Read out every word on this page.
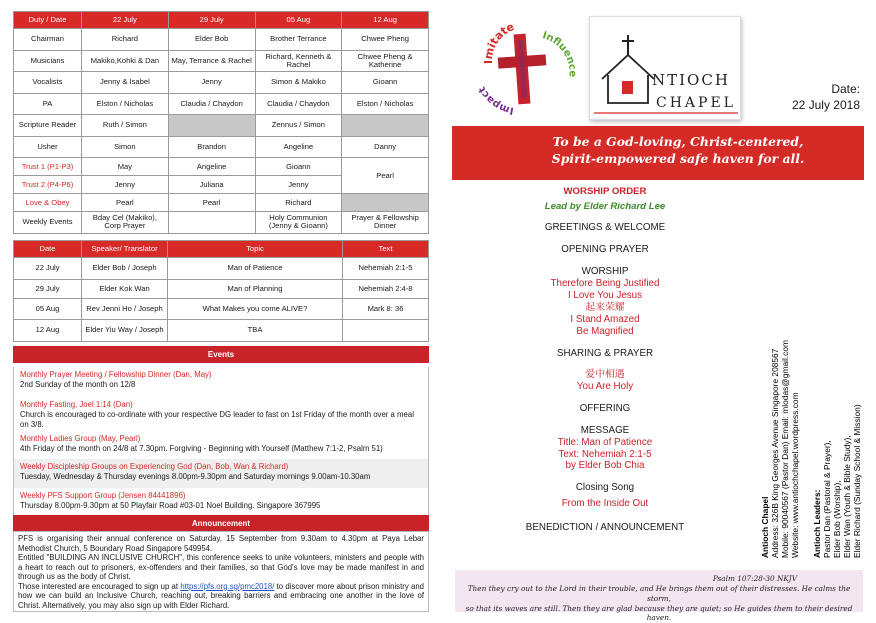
Duty / Date	22 July	29 July	05 Aug	12 Aug
Chairman	Richard	Elder Bob	Brother Terrance	Chwee Pheng
Musicians	Makiko,Kohki & Dan	May, Terrance & Rachel	Richard, Kenneth & Rachel	Chwee Pheng & Katherine
Vocalists	Jenny & Isabel	Jenny	Simon & Makiko	Gioann
PA	Elston / Nicholas	Claudia / Chaydon	Claudia / Chaydon	Elston / Nicholas
Scripture Reader	Ruth / Simon		Zennus / Simon	
Usher	Simon	Brandon	Angeline	Danny
Trust 1 (P1-P3)	May	Angeline	Gioann	Pearl
Trust 2 (P4-P6)	Jenny	Juliana	Jenny	
Love & Obey	Pearl	Pearl	Richard	
Weekly Events	Bday Cel (Makiko), Corp Prayer		Holy Communion (Jenny & Gioann)	Prayer & Fellowship Dinner
Date	Speaker/ Translator	Topic	Text
22 July	Elder Bob / Joseph	Man of Patience	Nehemiah 2:1-5
29 July	Elder Kok Wan	Man of Planning	Nehemiah 2:4-8
05 Aug	Rev Jenni Ho / Joseph	What Makes you come ALIVE?	Mark 8: 36
12 Aug	Elder Yiu Way / Joseph	TBA	
Events
Monthly Prayer Meeting / Fellowship Dinner (Dan, May)
2nd Sunday of the month on 12/8
Monthly Fasting, Joel 1:14 (Dan)
Church is encouraged to co-ordinate with your respective DG leader to fast on 1st Friday of the month over a meal on 3/8.
Monthly Ladies Group (May, Pearl)
4th Friday of the month on 24/8 at 7.30pm. Forgiving - Beginning with Yourself (Matthew 7:1-2, Psalm 51)
Weekly Discipleship Groups on Experiencing God (Dan, Bob, Wan & Richard)
Tuesday, Wednesday & Thursday evenings 8.00pm-9.30pm and Saturday mornings 9.00am-10.30am
Weekly PFS Support Group (Jensen 84441896)
Thursday 8.00pm-9.30pm at 50 Playfair Road #03-01 Noel Building. Singapore 367995
Announcement
PFS is organising their annual conference on Saturday, 15 September from 9.30am to 4.30pm at Paya Lebar Methodist Church, 5 Boundary Road Singapore 549954.
Entitled "BUILDING AN INCLUSIVE CHURCH", this conference seeks to unite volunteers, ministers and people with a heart to reach out to prisoners, ex-offenders and their families, so that God's love may be made manifest in and through us as the body of Christ.
Those interested are encouraged to sign up at https://pfs.org.sg/pmc2018/ to discover more about prison ministry and how we can build an Inclusive Church, reaching out, breaking barriers and embracing one another in the love of Christ. Alternatively, you may also sign up with Elder Richard.
Imitate
Influence
Impact
NTIOCH
CHAPEL
Date:
22 July 2018
To be a God-loving, Christ-centered,
Spirit-empowered safe haven for all.
WORSHIP ORDER
Lead by Elder Richard Lee
GREETINGS & WELCOME
OPENING PRAYER
WORSHIP
Therefore Being Justified
I Love You Jesus
起来荣耀
I Stand Amazed
Be Magnified
SHARING & PRAYER
爱中相遇
You Are Holy
OFFERING
MESSAGE
Title: Man of Patience
Text: Nehemiah 2:1-5
by Elder Bob Chia
Closing Song
From the Inside Out
BENEDICTION / ANNOUNCEMENT	Antioch Chapel Address: 326B King Georges Avenue Singapore 208567 Mobile: 90040567 (Pastor Dan) Email: mlodas@gmail.com Website: www.antiochchapel.wordpress.com Antioch Leaders: Pastor Dan (Pastoral & Prayer), Elder Bob (Worship), Elder Wan (Youth & Bible Study), Elder Richard (Sunday School & Mission)
Psalm 107:28-30 NKJV
Then they cry out to the Lord in their trouble, and He brings them out of their distresses. He calms the storm,
so that its waves are still. Then they are glad because they are quiet; so He guides them to their desired haven.
